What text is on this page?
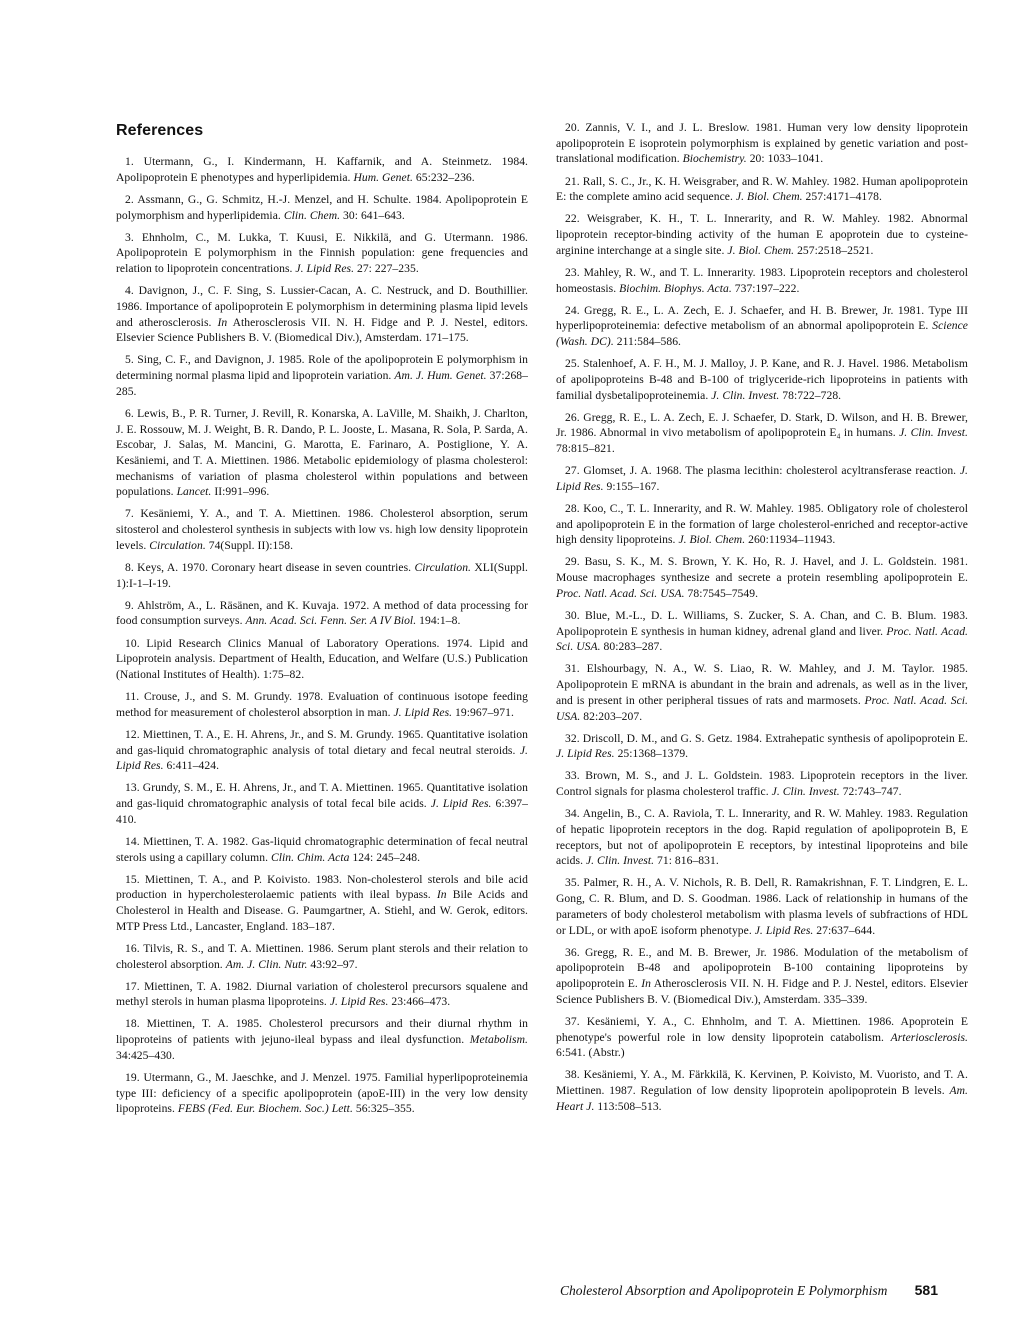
References

1. Utermann, G., I. Kindermann, H. Kaffarnik, and A. Steinmetz. 1984. Apolipoprotein E phenotypes and hyperlipidemia. Hum. Genet. 65:232–236.

2. Assmann, G., G. Schmitz, H.-J. Menzel, and H. Schulte. 1984. Apolipoprotein E polymorphism and hyperlipidemia. Clin. Chem. 30: 641–643.

3. Ehnholm, C., M. Lukka, T. Kuusi, E. Nikkilä, and G. Utermann. 1986. Apolipoprotein E polymorphism in the Finnish population: gene frequencies and relation to lipoprotein concentrations. J. Lipid Res. 27: 227–235.

4. Davignon, J., C. F. Sing, S. Lussier-Cacan, A. C. Nestruck, and D. Bouthillier. 1986. Importance of apolipoprotein E polymorphism in determining plasma lipid levels and atherosclerosis. In Atherosclerosis VII. N. H. Fidge and P. J. Nestel, editors. Elsevier Science Publishers B. V. (Biomedical Div.), Amsterdam. 171–175.

5. Sing, C. F., and Davignon, J. 1985. Role of the apolipoprotein E polymorphism in determining normal plasma lipid and lipoprotein variation. Am. J. Hum. Genet. 37:268–285.

6. Lewis, B., P. R. Turner, J. Revill, R. Konarska, A. LaVille, M. Shaikh, J. Charlton, J. E. Rossouw, M. J. Weight, B. R. Dando, P. L. Jooste, L. Masana, R. Sola, P. Sarda, A. Escobar, J. Salas, M. Mancini, G. Marotta, E. Farinaro, A. Postiglione, Y. A. Kesäniemi, and T. A. Miettinen. 1986. Metabolic epidemiology of plasma cholesterol: mechanisms of variation of plasma cholesterol within populations and between populations. Lancet. II:991–996.

7. Kesäniemi, Y. A., and T. A. Miettinen. 1986. Cholesterol absorption, serum sitosterol and cholesterol synthesis in subjects with low vs. high low density lipoprotein levels. Circulation. 74(Suppl. II):158.

8. Keys, A. 1970. Coronary heart disease in seven countries. Circulation. XLI(Suppl. 1):I-1–I-19.

9. Ahlström, A., L. Räsänen, and K. Kuvaja. 1972. A method of data processing for food consumption surveys. Ann. Acad. Sci. Fenn. Ser. A IV Biol. 194:1–8.

10. Lipid Research Clinics Manual of Laboratory Operations. 1974. Lipid and Lipoprotein analysis. Department of Health, Education, and Welfare (U.S.) Publication (National Institutes of Health). 1:75–82.

11. Crouse, J., and S. M. Grundy. 1978. Evaluation of continuous isotope feeding method for measurement of cholesterol absorption in man. J. Lipid Res. 19:967–971.

12. Miettinen, T. A., E. H. Ahrens, Jr., and S. M. Grundy. 1965. Quantitative isolation and gas-liquid chromatographic analysis of total dietary and fecal neutral steroids. J. Lipid Res. 6:411–424.

13. Grundy, S. M., E. H. Ahrens, Jr., and T. A. Miettinen. 1965. Quantitative isolation and gas-liquid chromatographic analysis of total fecal bile acids. J. Lipid Res. 6:397–410.

14. Miettinen, T. A. 1982. Gas-liquid chromatographic determination of fecal neutral sterols using a capillary column. Clin. Chim. Acta 124: 245–248.

15. Miettinen, T. A., and P. Koivisto. 1983. Non-cholesterol sterols and bile acid production in hypercholesterolaemic patients with ileal bypass. In Bile Acids and Cholesterol in Health and Disease. G. Paumgartner, A. Stiehl, and W. Gerok, editors. MTP Press Ltd., Lancaster, England. 183–187.

16. Tilvis, R. S., and T. A. Miettinen. 1986. Serum plant sterols and their relation to cholesterol absorption. Am. J. Clin. Nutr. 43:92–97.

17. Miettinen, T. A. 1982. Diurnal variation of cholesterol precursors squalene and methyl sterols in human plasma lipoproteins. J. Lipid Res. 23:466–473.

18. Miettinen, T. A. 1985. Cholesterol precursors and their diurnal rhythm in lipoproteins of patients with jejuno-ileal bypass and ileal dysfunction. Metabolism. 34:425–430.

19. Utermann, G., M. Jaeschke, and J. Menzel. 1975. Familial hyperlipoproteinemia type III: deficiency of a specific apolipoprotein (apoE-III) in the very low density lipoproteins. FEBS (Fed. Eur. Biochem. Soc.) Lett. 56:325–355.

20. Zannis, V. I., and J. L. Breslow. 1981. Human very low density lipoprotein apolipoprotein E isoprotein polymorphism is explained by genetic variation and post-translational modification. Biochemistry. 20: 1033–1041.

21. Rall, S. C., Jr., K. H. Weisgraber, and R. W. Mahley. 1982. Human apolipoprotein E: the complete amino acid sequence. J. Biol. Chem. 257:4171–4178.

22. Weisgraber, K. H., T. L. Innerarity, and R. W. Mahley. 1982. Abnormal lipoprotein receptor-binding activity of the human E apoprotein due to cysteine-arginine interchange at a single site. J. Biol. Chem. 257:2518–2521.

23. Mahley, R. W., and T. L. Innerarity. 1983. Lipoprotein receptors and cholesterol homeostasis. Biochim. Biophys. Acta. 737:197–222.

24. Gregg, R. E., L. A. Zech, E. J. Schaefer, and H. B. Brewer, Jr. 1981. Type III hyperlipoproteinemia: defective metabolism of an abnormal apolipoprotein E. Science (Wash. DC). 211:584–586.

25. Stalenhoef, A. F. H., M. J. Malloy, J. P. Kane, and R. J. Havel. 1986. Metabolism of apolipoproteins B-48 and B-100 of triglyceride-rich lipoproteins in patients with familial dysbetalipoproteinemia. J. Clin. Invest. 78:722–728.

26. Gregg, R. E., L. A. Zech, E. J. Schaefer, D. Stark, D. Wilson, and H. B. Brewer, Jr. 1986. Abnormal in vivo metabolism of apolipoprotein E₄ in humans. J. Clin. Invest. 78:815–821.

27. Glomset, J. A. 1968. The plasma lecithin: cholesterol acyltransferase reaction. J. Lipid Res. 9:155–167.

28. Koo, C., T. L. Innerarity, and R. W. Mahley. 1985. Obligatory role of cholesterol and apolipoprotein E in the formation of large cholesterol-enriched and receptor-active high density lipoproteins. J. Biol. Chem. 260:11934–11943.

29. Basu, S. K., M. S. Brown, Y. K. Ho, R. J. Havel, and J. L. Goldstein. 1981. Mouse macrophages synthesize and secrete a protein resembling apolipoprotein E. Proc. Natl. Acad. Sci. USA. 78:7545–7549.

30. Blue, M.-L., D. L. Williams, S. Zucker, S. A. Chan, and C. B. Blum. 1983. Apolipoprotein E synthesis in human kidney, adrenal gland and liver. Proc. Natl. Acad. Sci. USA. 80:283–287.

31. Elshourbagy, N. A., W. S. Liao, R. W. Mahley, and J. M. Taylor. 1985. Apolipoprotein E mRNA is abundant in the brain and adrenals, as well as in the liver, and is present in other peripheral tissues of rats and marmosets. Proc. Natl. Acad. Sci. USA. 82:203–207.

32. Driscoll, D. M., and G. S. Getz. 1984. Extrahepatic synthesis of apolipoprotein E. J. Lipid Res. 25:1368–1379.

33. Brown, M. S., and J. L. Goldstein. 1983. Lipoprotein receptors in the liver. Control signals for plasma cholesterol traffic. J. Clin. Invest. 72:743–747.

34. Angelin, B., C. A. Raviola, T. L. Innerarity, and R. W. Mahley. 1983. Regulation of hepatic lipoprotein receptors in the dog. Rapid regulation of apolipoprotein B, E receptors, but not of apolipoprotein E receptors, by intestinal lipoproteins and bile acids. J. Clin. Invest. 71: 816–831.

35. Palmer, R. H., A. V. Nichols, R. B. Dell, R. Ramakrishnan, F. T. Lindgren, E. L. Gong, C. R. Blum, and D. S. Goodman. 1986. Lack of relationship in humans of the parameters of body cholesterol metabolism with plasma levels of subfractions of HDL or LDL, or with apoE isoform phenotype. J. Lipid Res. 27:637–644.

36. Gregg, R. E., and M. B. Brewer, Jr. 1986. Modulation of the metabolism of apolipoprotein B-48 and apolipoprotein B-100 containing lipoproteins by apolipoprotein E. In Atherosclerosis VII. N. H. Fidge and P. J. Nestel, editors. Elsevier Science Publishers B. V. (Biomedical Div.), Amsterdam. 335–339.

37. Kesäniemi, Y. A., C. Ehnholm, and T. A. Miettinen. 1986. Apoprotein E phenotype's powerful role in low density lipoprotein catabolism. Arteriosclerosis. 6:541. (Abstr.)

38. Kesäniemi, Y. A., M. Färkkilä, K. Kervinen, P. Koivisto, M. Vuoristo, and T. A. Miettinen. 1987. Regulation of low density lipoprotein apolipoprotein B levels. Am. Heart J. 113:508–513.

Cholesterol Absorption and Apolipoprotein E Polymorphism 581
